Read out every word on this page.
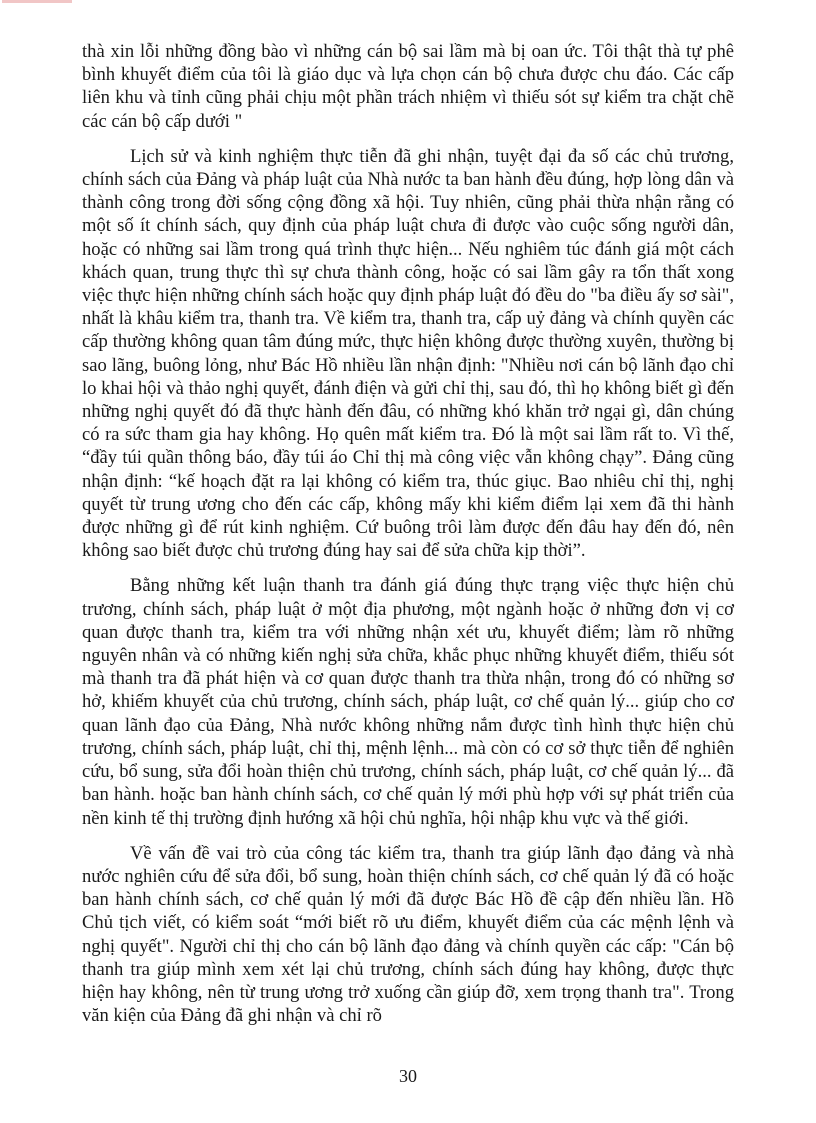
thà xin lỗi những đồng bào vì những cán bộ sai lầm mà bị oan ức. Tôi thật thà tự phê bình khuyết điểm của tôi là giáo dục và lựa chọn cán bộ chưa được chu đáo. Các cấp liên khu và tỉnh cũng phải chịu một phần trách nhiệm vì thiếu sót sự kiểm tra chặt chẽ các cán bộ cấp dưới "

Lịch sử và kinh nghiệm thực tiễn đã ghi nhận, tuyệt đại đa số các chủ trương, chính sách của Đảng và pháp luật của Nhà nước ta ban hành đều đúng, hợp lòng dân và thành công trong đời sống cộng đồng xã hội. Tuy nhiên, cũng phải thừa nhận rằng có một số ít chính sách, quy định của pháp luật chưa đi được vào cuộc sống người dân, hoặc có những sai lầm trong quá trình thực hiện... Nếu nghiêm túc đánh giá một cách khách quan, trung thực thì sự chưa thành công, hoặc có sai lầm gây ra tổn thất xong việc thực hiện những chính sách hoặc quy định pháp luật đó đều do "ba điều ấy sơ sài", nhất là khâu kiểm tra, thanh tra. Về kiểm tra, thanh tra, cấp uỷ đảng và chính quyền các cấp thường không quan tâm đúng mức, thực hiện không được thường xuyên, thường bị sao lãng, buông lỏng, như Bác Hồ nhiều lần nhận định: "Nhiều nơi cán bộ lãnh đạo chỉ lo khai hội và thảo nghị quyết, đánh điện và gửi chỉ thị, sau đó, thì họ không biết gì đến những nghị quyết đó đã thực hành đến đâu, có những khó khăn trở ngại gì, dân chúng có ra sức tham gia hay không. Họ quên mất kiểm tra. Đó là một sai lầm rất to. Vì thế, “đầy túi quần thông báo, đầy túi áo Chỉ thị mà công việc vẫn không chạy”. Đảng cũng nhận định: “kế hoạch đặt ra lại không có kiểm tra, thúc giục. Bao nhiêu chỉ thị, nghị quyết từ trung ương cho đến các cấp, không mấy khi kiểm điểm lại xem đã thi hành được những gì để rút kinh nghiệm. Cứ buông trôi làm được đến đâu hay đến đó, nên không sao biết được chủ trương đúng hay sai để sửa chữa kịp thời”.

Bằng những kết luận thanh tra đánh giá đúng thực trạng việc thực hiện chủ trương, chính sách, pháp luật ở một địa phương, một ngành hoặc ở những đơn vị cơ quan được thanh tra, kiểm tra với những nhận xét ưu, khuyết điểm; làm rõ những nguyên nhân và có những kiến nghị sửa chữa, khắc phục những khuyết điểm, thiếu sót mà thanh tra đã phát hiện và cơ quan được thanh tra thừa nhận, trong đó có những sơ hở, khiếm khuyết của chủ trương, chính sách, pháp luật, cơ chế quản lý... giúp cho cơ quan lãnh đạo của Đảng, Nhà nước không những nắm được tình hình thực hiện chủ trương, chính sách, pháp luật, chỉ thị, mệnh lệnh... mà còn có cơ sở thực tiễn để nghiên cứu, bổ sung, sửa đổi hoàn thiện chủ trương, chính sách, pháp luật, cơ chế quản lý... đã ban hành. hoặc ban hành chính sách, cơ chế quản lý mới phù hợp với sự phát triển của nền kinh tế thị trường định hướng xã hội chủ nghĩa, hội nhập khu vực và thế giới.

Về vấn đề vai trò của công tác kiểm tra, thanh tra giúp lãnh đạo đảng và nhà nước nghiên cứu để sửa đổi, bổ sung, hoàn thiện chính sách, cơ chế quản lý đã có hoặc ban hành chính sách, cơ chế quản lý mới đã được Bác Hồ đề cập đến nhiều lần. Hồ Chủ tịch viết, có kiểm soát “mới biết rõ ưu điểm, khuyết điểm của các mệnh lệnh và nghị quyết". Người chỉ thị cho cán bộ lãnh đạo đảng và chính quyền các cấp: "Cán bộ thanh tra giúp mình xem xét lại chủ trương, chính sách đúng hay không, được thực hiện hay không, nên từ trung ương trở xuống cần giúp đỡ, xem trọng thanh tra". Trong văn kiện của Đảng đã ghi nhận và chỉ rõ

30
